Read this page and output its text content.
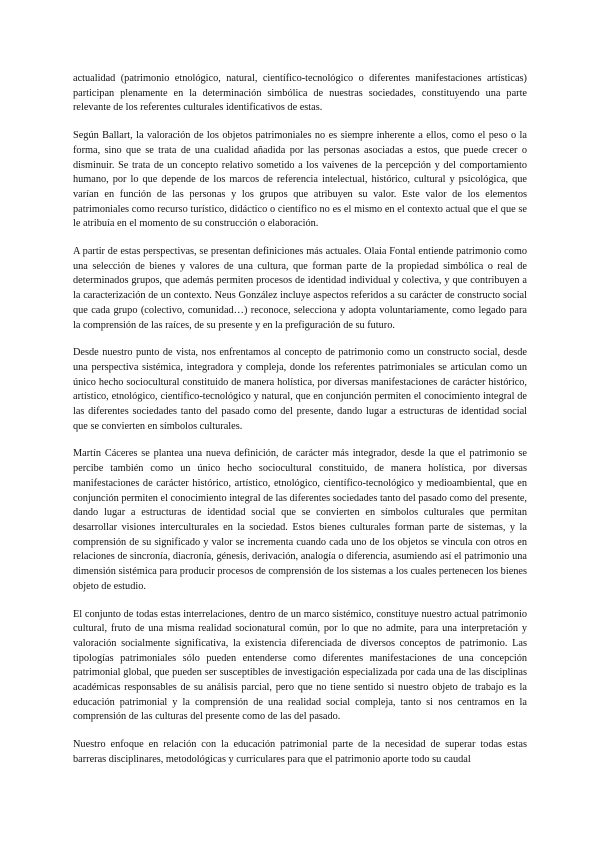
actualidad (patrimonio etnológico, natural, científico-tecnológico o diferentes manifestaciones artísticas) participan plenamente en la determinación simbólica de nuestras sociedades, constituyendo una parte relevante de los referentes culturales identificativos de estas.

Según Ballart, la valoración de los objetos patrimoniales no es siempre inherente a ellos, como el peso o la forma, sino que se trata de una cualidad añadida por las personas asociadas a estos, que puede crecer o disminuir. Se trata de un concepto relativo sometido a los vaivenes de la percepción y del comportamiento humano, por lo que depende de los marcos de referencia intelectual, histórico, cultural y psicológica, que varían en función de las personas y los grupos que atribuyen su valor. Este valor de los elementos patrimoniales como recurso turístico, didáctico o científico no es el mismo en el contexto actual que el que se le atribuía en el momento de su construcción o elaboración.

A partir de estas perspectivas, se presentan definiciones más actuales. Olaia Fontal entiende patrimonio como una selección de bienes y valores de una cultura, que forman parte de la propiedad simbólica o real de determinados grupos, que además permiten procesos de identidad individual y colectiva, y que contribuyen a la caracterización de un contexto. Neus González incluye aspectos referidos a su carácter de constructo social que cada grupo (colectivo, comunidad…) reconoce, selecciona y adopta voluntariamente, como legado para la comprensión de las raíces, de su presente y en la prefiguración de su futuro.

Desde nuestro punto de vista, nos enfrentamos al concepto de patrimonio como un constructo social, desde una perspectiva sistémica, integradora y compleja, donde los referentes patrimoniales se articulan como un único hecho sociocultural constituido de manera holística, por diversas manifestaciones de carácter histórico, artístico, etnológico, científico-tecnológico y natural, que en conjunción permiten el conocimiento integral de las diferentes sociedades tanto del pasado como del presente, dando lugar a estructuras de identidad social que se convierten en símbolos culturales.

Martín Cáceres se plantea una nueva definición, de carácter más integrador, desde la que el patrimonio se percibe también como un único hecho sociocultural constituido, de manera holística, por diversas manifestaciones de carácter histórico, artístico, etnológico, científico-tecnológico y medioambiental, que en conjunción permiten el conocimiento integral de las diferentes sociedades tanto del pasado como del presente, dando lugar a estructuras de identidad social que se convierten en símbolos culturales que permitan desarrollar visiones interculturales en la sociedad. Estos bienes culturales forman parte de sistemas, y la comprensión de su significado y valor se incrementa cuando cada uno de los objetos se vincula con otros en relaciones de sincronía, diacronía, génesis, derivación, analogía o diferencia, asumiendo así el patrimonio una dimensión sistémica para producir procesos de comprensión de los sistemas a los cuales pertenecen los bienes objeto de estudio.

El conjunto de todas estas interrelaciones, dentro de un marco sistémico, constituye nuestro actual patrimonio cultural, fruto de una misma realidad socionatural común, por lo que no admite, para una interpretación y valoración socialmente significativa, la existencia diferenciada de diversos conceptos de patrimonio. Las tipologías patrimoniales sólo pueden entenderse como diferentes manifestaciones de una concepción patrimonial global, que pueden ser susceptibles de investigación especializada por cada una de las disciplinas académicas responsables de su análisis parcial, pero que no tiene sentido si nuestro objeto de trabajo es la educación patrimonial y la comprensión de una realidad social compleja, tanto si nos centramos en la comprensión de las culturas del presente como de las del pasado.

Nuestro enfoque en relación con la educación patrimonial parte de la necesidad de superar todas estas barreras disciplinares, metodológicas y curriculares para que el patrimonio aporte todo su caudal
